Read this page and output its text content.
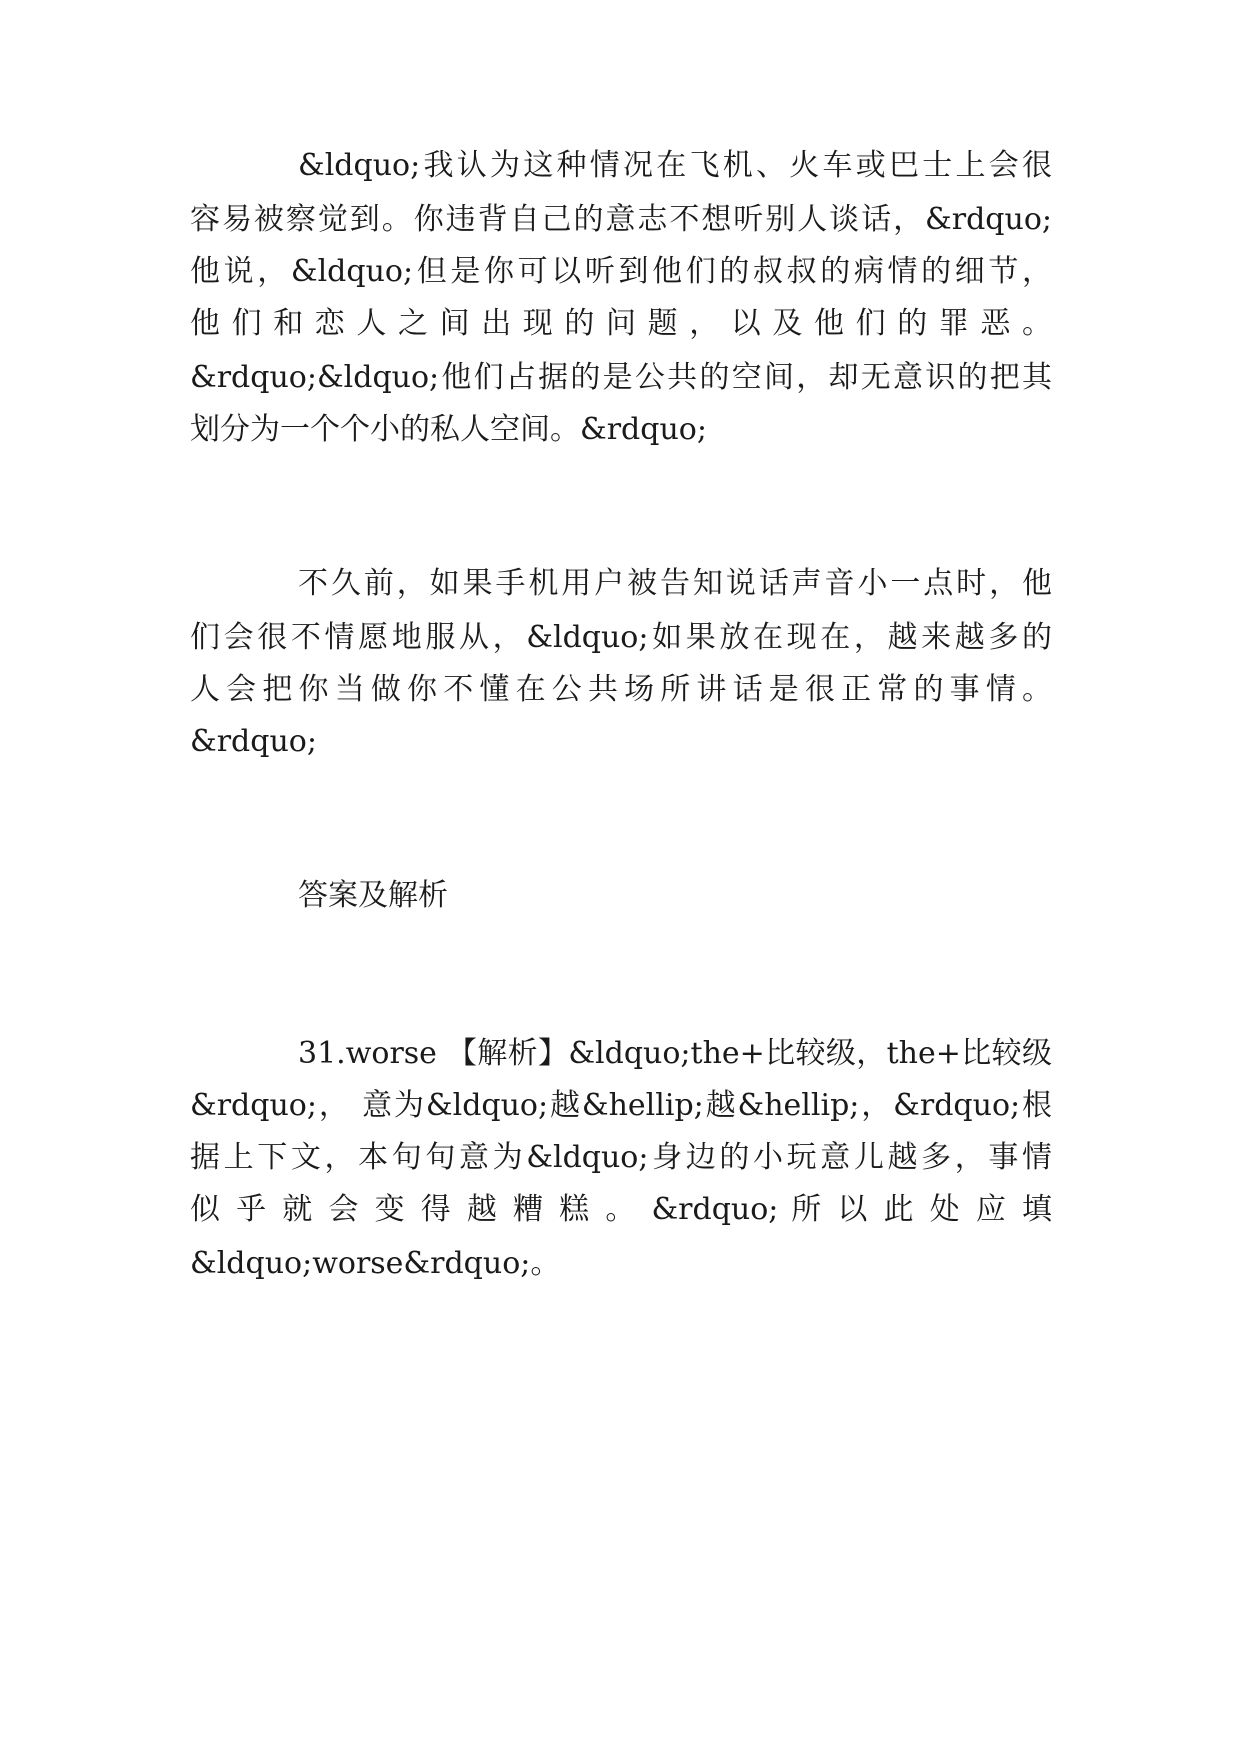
&ldquo;我认为这种情况在飞机、火车或巴士上会很
容易被察觉到。你违背自己的意志不想听别人谈话，&rdquo;
他说，&ldquo;但是你可以听到他们的叔叔的病情的细节，
他 们 和 恋 人 之 间 出 现 的 问 题 ， 以 及 他 们 的 罪 恶 。
&rdquo;&ldquo;他们占据的是公共的空间，却无意识的把其
划分为一个个小的私人空间。&rdquo;
不久前，如果手机用户被告知说话声音小一点时，他
们会很不情愿地服从，&ldquo;如果放在现在，越来越多的
人会把你当做你不懂在公共场所讲话是很正常的事情。
&rdquo;
答案及解析
31.worse 【解析】&ldquo;the+比较级，the+比较级
&rdquo;， 意为&ldquo;越&hellip;越&hellip;，&rdquo;根
据上下文，本句句意为&ldquo;身边的小玩意儿越多，事情
似 乎 就 会 变 得 越 糟 糕 。 &rdquo; 所 以 此 处 应 填
&ldquo;worse&rdquo;。
